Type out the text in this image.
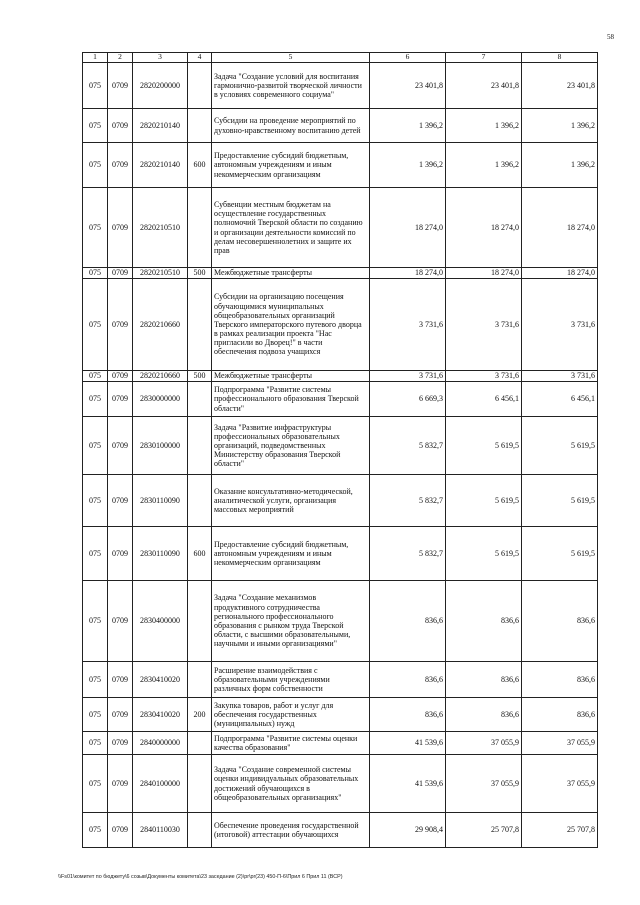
58
1	2	3	4	5	6	7	8
075	0709	2820200000		Задача "Создание условий для воспитания гармонично-развитой творческой личности в условиях современного социума"	23 401,8	23 401,8	23 401,8
075	0709	2820210140		Субсидии на проведение мероприятий по духовно-нравственному воспитанию детей	1 396,2	1 396,2	1 396,2
075	0709	2820210140	600	Предоставление субсидий бюджетным, автономным учреждениям и иным некоммерческим организациям	1 396,2	1 396,2	1 396,2
075	0709	2820210510		Субвенции местным бюджетам на осуществление государственных полномочий Тверской области по созданию и организации деятельности комиссий по делам несовершеннолетних и защите их прав	18 274,0	18 274,0	18 274,0
075	0709	2820210510	500	Межбюджетные трансферты	18 274,0	18 274,0	18 274,0
075	0709	2820210660		Субсидии на организацию посещения обучающимися муниципальных общеобразовательных организаций Тверского императорского путевого дворца в рамках реализации проекта "Нас пригласили во Дворец!" в части обеспечения подвоза учащихся	3 731,6	3 731,6	3 731,6
075	0709	2820210660	500	Межбюджетные трансферты	3 731,6	3 731,6	3 731,6
075	0709	2830000000		Подпрограмма "Развитие системы профессионального образования Тверской области"	6 669,3	6 456,1	6 456,1
075	0709	2830100000		Задача "Развитие инфраструктуры профессиональных образовательных организаций, подведомственных Министерству образования Тверской области"	5 832,7	5 619,5	5 619,5
075	0709	2830110090		Оказание консультативно-методической, аналитической услуги, организация массовых мероприятий	5 832,7	5 619,5	5 619,5
075	0709	2830110090	600	Предоставление субсидий бюджетным, автономным учреждениям и иным некоммерческим организациям	5 832,7	5 619,5	5 619,5
075	0709	2830400000		Задача "Создание механизмов продуктивного сотрудничества регионального профессионального образования с рынком труда Тверской области, с высшими образовательными, научными и иными организациями"	836,6	836,6	836,6
075	0709	2830410020		Расширение взаимодействия с образовательными учреждениями различных форм собственности	836,6	836,6	836,6
075	0709	2830410020	200	Закупка товаров, работ и услуг для обеспечения государственных (муниципальных) нужд	836,6	836,6	836,6
075	0709	2840000000		Подпрограмма "Развитие системы оценки качества образования"	41 539,6	37 055,9	37 055,9
075	0709	2840100000		Задача "Создание современной системы оценки индивидуальных образовательных достижений обучающихся в общеобразовательных организациях"	41 539,6	37 055,9	37 055,9
075	0709	2840110030		Обеспечение проведения государственной (итоговой) аттестации обучающихся	29 908,4	25 707,8	25 707,8
\\Fs01\комитет по бюджету\6 созыв\Документы комитета\23 заседание (2)\pr\pr(23) 450-П-6\Прил 6 Прил 11 (ВСР)
